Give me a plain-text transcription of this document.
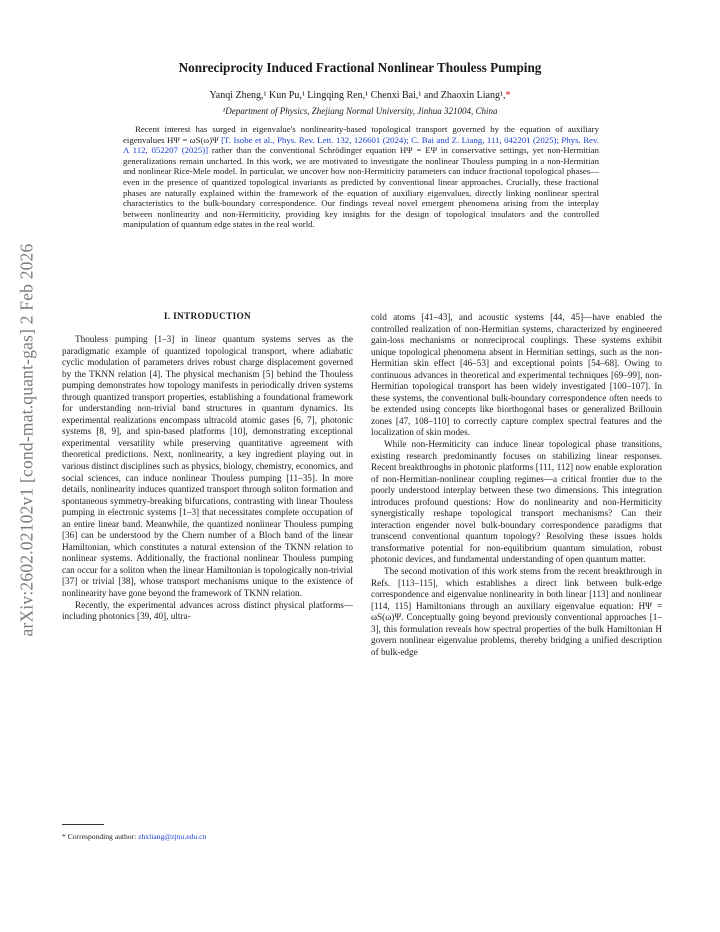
arXiv:2602.02102v1 [cond-mat.quant-gas] 2 Feb 2026
Nonreciprocity Induced Fractional Nonlinear Thouless Pumping
Yanqi Zheng,¹ Kun Pu,¹ Lingqing Ren,¹ Chenxi Bai,¹ and Zhaoxin Liang¹,*
¹Department of Physics, Zhejiang Normal University, Jinhua 321004, China

Recent interest has surged in eigenvalue's nonlinearity-based topological transport governed by the equation of auxiliary eigenvalues HΨ = ωS(ω)Ψ [T. Isobe et al., Phys. Rev. Lett. 132, 126601 (2024); C. Bai and Z. Liang, 111, 042201 (2025); Phys. Rev. A 112, 052207 (2025)] rather than the conventional Schrödinger equation HΨ = EΨ in conservative settings, yet non-Hermitian generalizations remain uncharted. In this work, we are motivated to investigate the nonlinear Thouless pumping in a non-Hermitian and nonlinear Rice-Mele model. In particular, we uncover how non-Hermiticity parameters can induce fractional topological phases—even in the presence of quantized topological invariants as predicted by conventional linear approaches. Crucially, these fractional phases are naturally explained within the framework of the equation of auxiliary eigenvalues, directly linking nonlinear spectral characteristics to the bulk-boundary correspondence. Our findings reveal novel emergent phenomena arising from the interplay between nonlinearity and non-Hermiticity, providing key insights for the design of topological insulators and the controlled manipulation of quantum edge states in the real world.

I. INTRODUCTION

Thouless pumping [1–3] in linear quantum systems serves as the paradigmatic example of quantized topological transport, where adiabatic cyclic modulation of parameters drives robust charge displacement governed by the TKNN relation [4]. The physical mechanism [5] behind the Thouless pumping demonstrates how topology manifests in periodically driven systems through quantized transport properties, establishing a foundational framework for understanding non-trivial band structures in quantum dynamics. Its experimental realizations encompass ultracold atomic gases [6, 7], photonic systems [8, 9], and spin-based platforms [10], demonstrating exceptional experimental versatility while preserving quantitative agreement with theoretical predictions. Next, nonlinearity, a key ingredient playing out in various distinct disciplines such as physics, biology, chemistry, economics, and social sciences, can induce nonlinear Thouless pumping [11–35]. In more details, nonlinearity induces quantized transport through soliton formation and spontaneous symmetry-breaking bifurcations, contrasting with linear Thouless pumping in electronic systems [1–3] that necessitates complete occupation of an entire linear band. Meanwhile, the quantized nonlinear Thouless pumping [36] can be understood by the Chern number of a Bloch band of the linear Hamiltonian, which constitutes a natural extension of the TKNN relation to nonlinear systems. Additionally, the fractional nonlinear Thouless pumping can occur for a soliton when the linear Hamiltonian is topologically non-trivial [37] or trivial [38], whose transport mechanisms unique to the existence of nonlinearity have gone beyond the framework of TKNN relation.

Recently, the experimental advances across distinct physical platforms—including photonics [39, 40], ultra-

cold atoms [41–43], and acoustic systems [44, 45]—have enabled the controlled realization of non-Hermitian systems, characterized by engineered gain-loss mechanisms or nonreciprocal couplings. These systems exhibit unique topological phenomena absent in Hermitian settings, such as the non-Hermitian skin effect [46–53] and exceptional points [54–68]. Owing to continuous advances in theoretical and experimental techniques [69–99], non-Hermitian topological transport has been widely investigated [100–107]. In these systems, the conventional bulk-boundary correspondence often needs to be extended using concepts like biorthogonal bases or generalized Brillouin zones [47, 108–110] to correctly capture complex spectral features and the localization of skin modes.

While non-Hermiticity can induce linear topological phase transitions, existing research predominantly focuses on stabilizing linear responses. Recent breakthroughs in photonic platforms [111, 112] now enable exploration of non-Hermitian-nonlinear coupling regimes—a critical frontier due to the poorly understood interplay between these two dimensions. This integration introduces profound questions: How do nonlinearity and non-Hermiticity synergistically reshape topological transport mechanisms? Can their interaction engender novel bulk-boundary correspondence paradigms that transcend conventional quantum topology? Resolving these issues holds transformative potential for non-equilibrium quantum simulation, robust photonic devices, and fundamental understanding of open quantum matter.

The second motivation of this work stems from the recent breakthrough in Refs. [113–115], which establishes a direct link between bulk-edge correspondence and eigenvalue nonlinearity in both linear [113] and nonlinear [114, 115] Hamiltonians through an auxiliary eigenvalue equation: HΨ = ωS(ω)Ψ. Conceptually going beyond previously conventional approaches [1–3], this formulation reveals how spectral properties of the bulk Hamiltonian H govern nonlinear eigenvalue problems, thereby bridging a unified description of bulk-edge

* Corresponding author: zhxliang@zjnu.edu.cn
